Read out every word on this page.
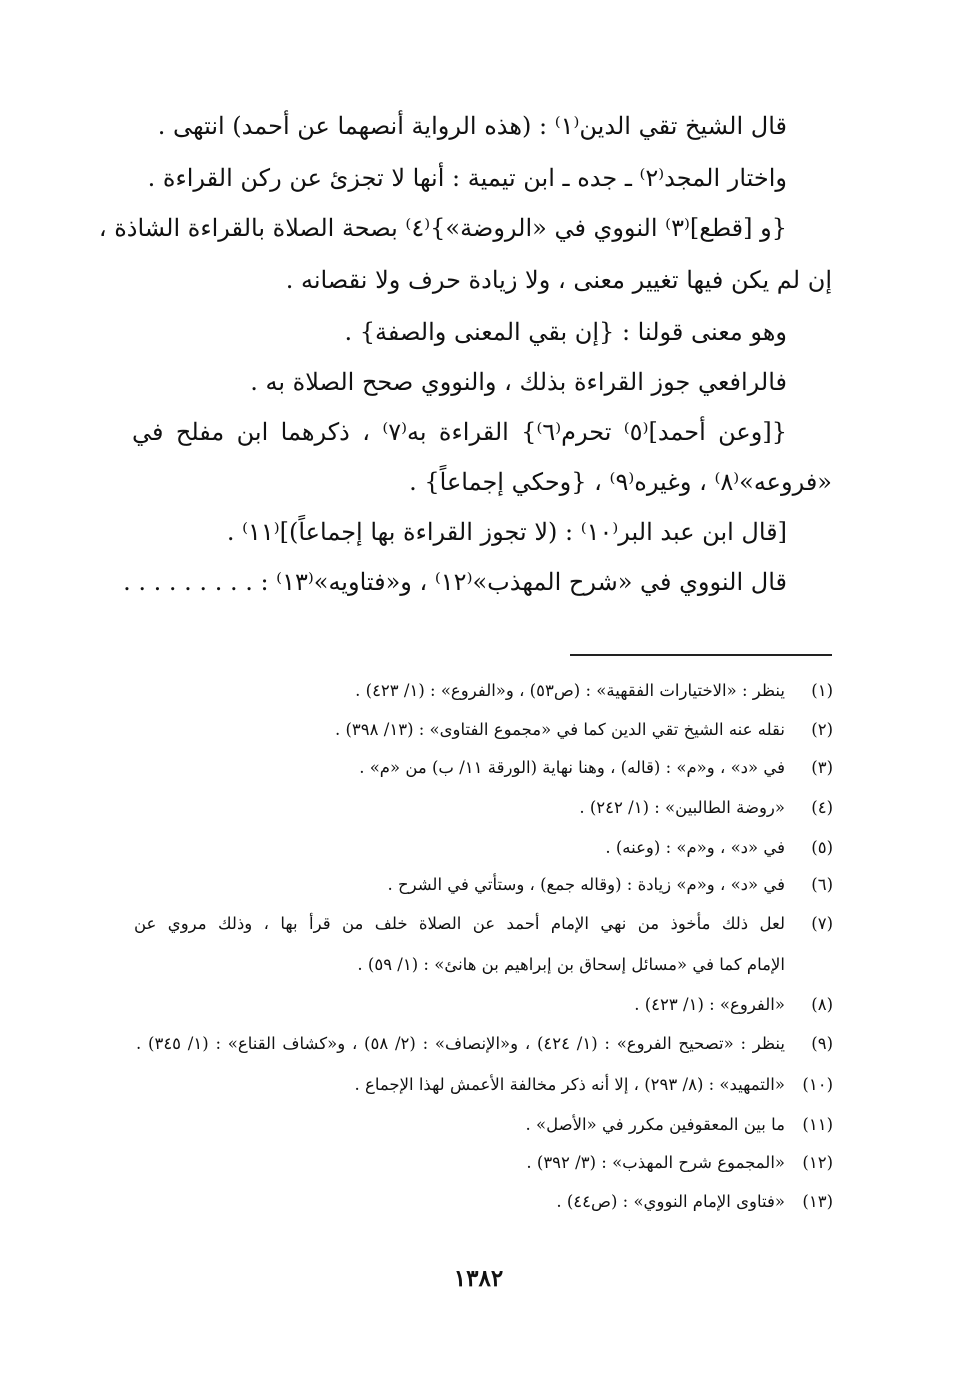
قال الشيخ تقي الدين⁽١⁾ : (هذه الرواية أنصهما عن أحمد) انتهى .
واختار المجد⁽٢⁾ ـ جده ـ ابن تيمية : أنها لا تجزئ عن ركن القراءة .
{و [قطع]⁽٣⁾ النووي في «الروضة»}⁽٤⁾ بصحة الصلاة بالقراءة الشاذة ،
إن لم يكن فيها تغيير معنى ، ولا زيادة حرف ولا نقصانه .
وهو معنى قولنا : {إن بقي المعنى والصفة} .
فالرافعي جوز القراءة بذلك ، والنووي صحح الصلاة به .
{[وعن أحمد]⁽٥⁾ تحرم⁽٦⁾} القراءة به⁽٧⁾ ، ذكرهما ابن مفلح في
«فروعه»⁽٨⁾ ، وغيره⁽٩⁾ ، {وحكي إجماعاً} .
[قال ابن عبد البر⁽١٠⁾ : (لا تجوز القراءة بها إجماعاً)]⁽١١⁾ .
قال النووي في «شرح المهذب»⁽١٢⁾ ، و«فتاويه»⁽١٣⁾ : . . . . . . . . .
(١)
ينظر : «الاختيارات الفقهية» : (ص٥٣) ، و«الفروع» : (١/ ٤٢٣) .
(٢)
نقله عنه الشيخ تقي الدين كما في «مجموع الفتاوى» : (١٣/ ٣٩٨) .
(٣)
في «د» ، و«م» : (قاله) ، وهنا نهاية (الورقة ١١/ ب) من «م» .
(٤)
«روضة الطالبين» : (١/ ٢٤٢) .
(٥)
في «د» ، و«م» : (وعنه) .
(٦)
في «د» ، و«م» زيادة : (وقاله جمع) ، وستأتي في الشرح .
(٧)
لعل ذلك مأخوذ من نهي الإمام أحمد عن الصلاة خلف من قرأ بها ، وذلك مروي عن
الإمام كما في «مسائل إسحاق بن إبراهيم بن هانئ» : (١/ ٥٩) .
(٨)
«الفروع» : (١/ ٤٢٣) .
(٩)
ينظر : «تصحيح الفروع» : (١/ ٤٢٤) ، و«الإنصاف» : (٢/ ٥٨) ، و«كشاف القناع» : (١/ ٣٤٥) .
(١٠)
«التمهيد» : (٨/ ٢٩٣) ، إلا أنه ذكر مخالفة الأعمش لهذا الإجماع .
(١١)
ما بين المعقوفين مكرر في «الأصل» .
(١٢)
«المجموع شرح المهذب» : (٣/ ٣٩٢) .
(١٣)
«فتاوى الإمام النووي» : (ص٤٤) .
١٣٨٢
